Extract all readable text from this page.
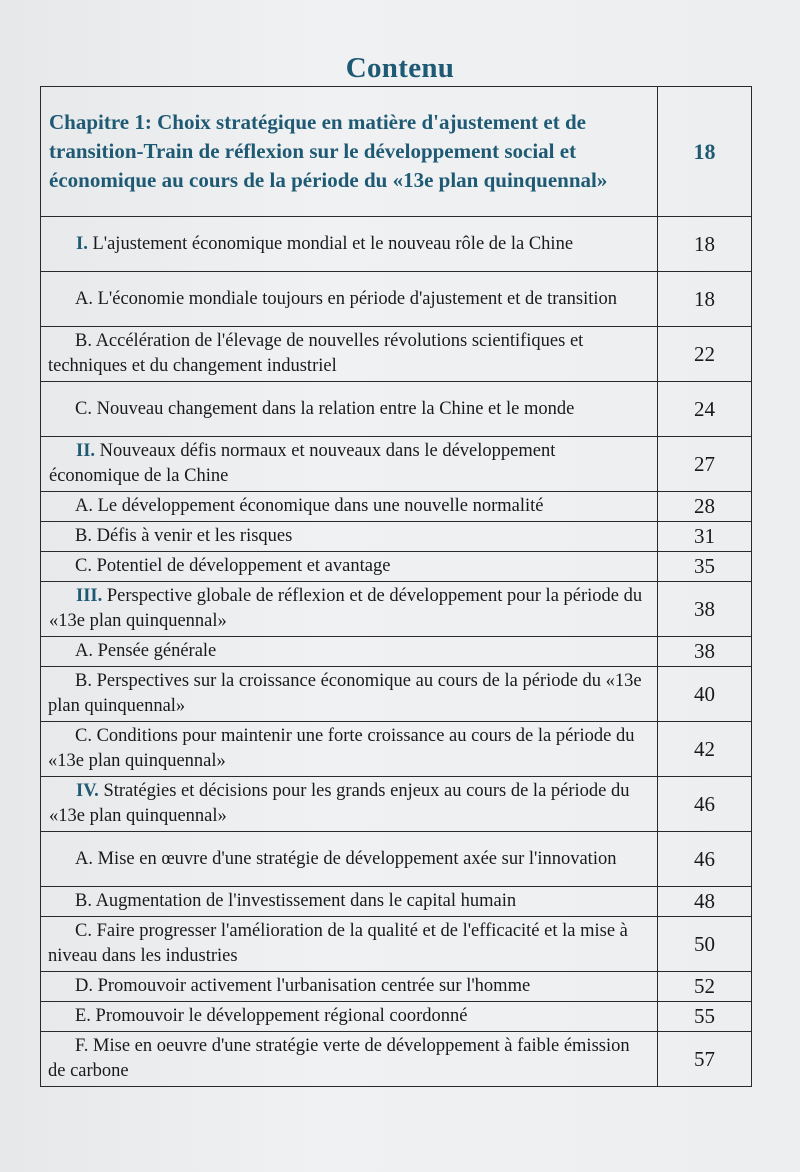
Contenu
Chapitre 1: Choix stratégique en matière d'ajustement et de transition-Train de réflexion sur le développement social et économique au cours de la période du «13e plan quinquennal»	18
I. L'ajustement économique mondial et le nouveau rôle de la Chine	18
A. L'économie mondiale toujours en période d'ajustement et de transition	18
B. Accélération de l'élevage de nouvelles révolutions scientifiques et techniques et du changement industriel	22
C. Nouveau changement dans la relation entre la Chine et le monde	24
II. Nouveaux défis normaux et nouveaux dans le développement économique de la Chine	27
A. Le développement économique dans une nouvelle normalité	28
B. Défis à venir et les risques	31
C. Potentiel de développement et avantage	35
III. Perspective globale de réflexion et de développement pour la période du «13e plan quinquennal»	38
A. Pensée générale	38
B. Perspectives sur la croissance économique au cours de la période du «13e plan quinquennal»	40
C. Conditions pour maintenir une forte croissance au cours de la période du «13e plan quinquennal»	42
IV. Stratégies et décisions pour les grands enjeux au cours de la période du «13e plan quinquennal»	46
A. Mise en œuvre d'une stratégie de développement axée sur l'innovation	46
B. Augmentation de l'investissement dans le capital humain	48
C. Faire progresser l'amélioration de la qualité et de l'efficacité et la mise à niveau dans les industries	50
D. Promouvoir activement l'urbanisation centrée sur l'homme	52
E. Promouvoir le développement régional coordonné	55
F. Mise en oeuvre d'une stratégie verte de développement à faible émission de carbone	57
